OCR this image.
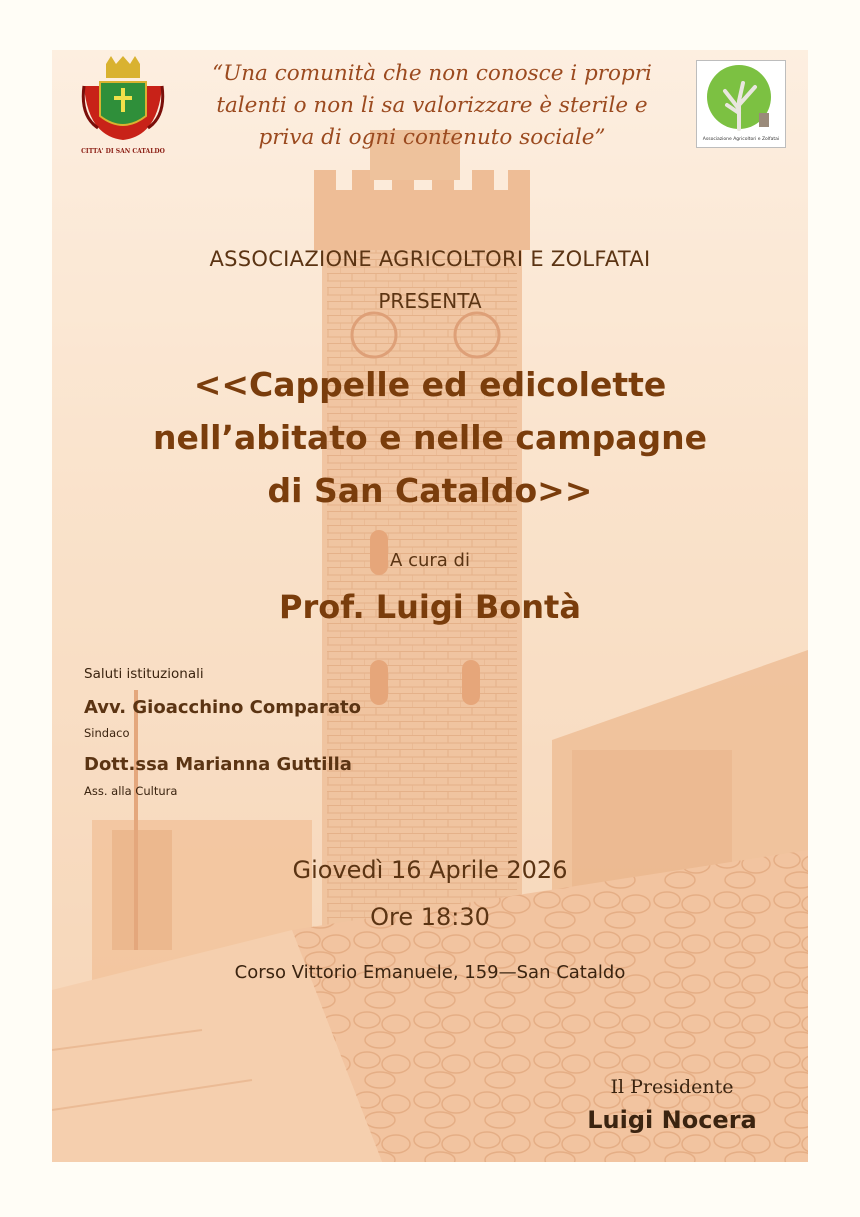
CITTA' DI SAN CATALDO
“Una comunità che non conosce i propri
talenti o non li sa valorizzare è sterile e
priva di ogni contenuto sociale”	Associazione Agricoltori e Zolfatai
ASSOCIAZIONE AGRICOLTORI E ZOLFATAI
PRESENTA
<<Cappelle ed edicolette
nell’abitato e nelle campagne
di San Cataldo>>
A cura di
Prof. Luigi Bontà
Saluti istituzionali
Avv. Gioacchino Comparato
Sindaco
Dott.ssa Marianna Guttilla
Ass. alla Cultura
Giovedì 16 Aprile 2026
Ore 18:30
Corso Vittorio Emanuele, 159—San Cataldo
Il Presidente
Luigi Nocera
